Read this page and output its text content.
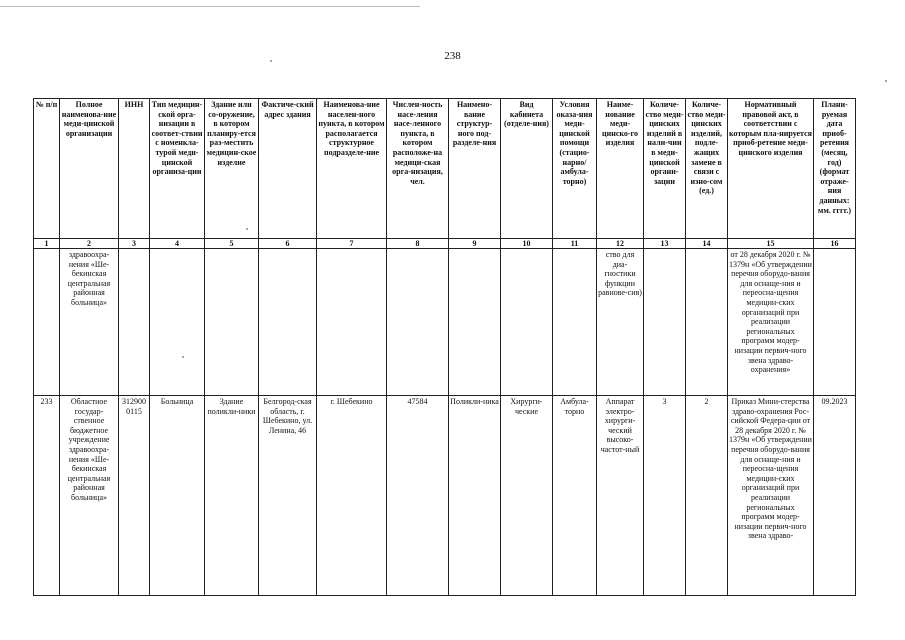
238
№ п/п	Полное наименова-ние меди-цинской организации	ИНН	Тип медицин-ской орга-низации в соответ-ствии с номенкла-турой меди-цинской организа-ции	Здание или со-оружение, в котором планиру-ется раз-местить медицин-ское изделие	Фактиче-ский адрес здания	Наименова-ние населен-ного пункта, в котором располагается структурное подразделе-ние	Числен-ность насе-ления насе-ленного пункта, в котором расположе-на медици-ская орга-низация, чел.	Наимено-вание структур-ного под-разделе-ния	Вид кабинета (отделе-ния)	Условия оказа-ния меди-цинской помощи (стацио-нарно/ амбула-торно)	Наиме-нование меди-цинско-го изделия	Количе-ство меди-цинских изделий в нали-чии в меди-цинской органи-зации	Количе-ство меди-цинских изделий, подле-жащих замене в связи с изно-сом (ед.)	Нормативный правовой акт, в соответствии с которым пла-нируется приоб-ретение меди-цинского изделия	Плани-руемая дата приоб-ретения (месяц, год) (формат отраже-ния данных: мм. гггг.)
1	2	3	4	5	6	7	8	9	10	11	12	13	14	15	16
	здравоохра-нения «Ше-бекинская центральная районная больница»										ство для диа-гностики функции равнове-сия)			от 28 декабря 2020 г. № 1379н «Об утверждении перечня оборудо-вания для оснаще-ния и переосна-щения медицин-ских организаций при реализации региональных программ модер-низации первич-ного звена здраво-охранения»	
233	Областное государ-ственное бюджетное учреждение здравоохра-нения «Ше-бекинская центральная районная больница»	312900 0115	Больница	Здание поликли-ники	Белгород-ская область, г. Шебекино, ул. Ленина, 46	г. Шебекино	47584	Поликли-ника	Хирурги-ческие	Амбула-торно	Аппарат электро-хирурги-ческий высоко-частот-ный	3	2	Приказ Мини-стерства здраво-охранения Рос-сийской Федера-ции от 28 декабря 2020 г. № 1379н «Об утверждении перечня оборудо-вания для оснаще-ния и переосна-щения медицин-ских организаций при реализации региональных программ модер-низации первич-ного звена здраво-	09.2023
